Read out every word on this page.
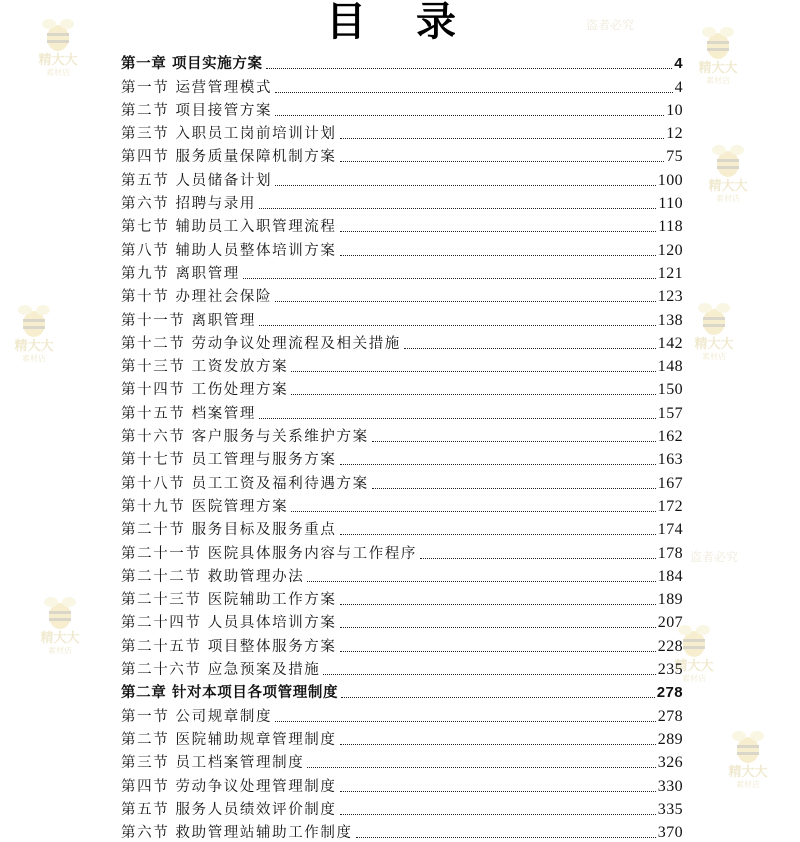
精大大
素材店	精大大
素材店
精大大
素材店
精大大
素材店
精大大
素材店
精大大
素材店
精大大
素材店
精大大
素材店
盗者必究
盗者必究
目 录
第一章 项目实施方案	4
第一节 运营管理模式	4
第二节 项目接管方案	10
第三节 入职员工岗前培训计划	12
第四节 服务质量保障机制方案	75
第五节 人员储备计划	100
第六节 招聘与录用	110
第七节 辅助员工入职管理流程	118
第八节 辅助人员整体培训方案	120
第九节 离职管理	121
第十节 办理社会保险	123
第十一节 离职管理	138
第十二节 劳动争议处理流程及相关措施	142
第十三节 工资发放方案	148
第十四节 工伤处理方案	150
第十五节 档案管理	157
第十六节 客户服务与关系维护方案	162
第十七节 员工管理与服务方案	163
第十八节 员工工资及福利待遇方案	167
第十九节 医院管理方案	172
第二十节 服务目标及服务重点	174
第二十一节 医院具体服务内容与工作程序	178
第二十二节 救助管理办法	184
第二十三节 医院辅助工作方案	189
第二十四节 人员具体培训方案	207
第二十五节 项目整体服务方案	228
第二十六节 应急预案及措施	235
第二章 针对本项目各项管理制度	278
第一节 公司规章制度	278
第二节 医院辅助规章管理制度	289
第三节 员工档案管理制度	326
第四节 劳动争议处理管理制度	330
第五节 服务人员绩效评价制度	335
第六节 救助管理站辅助工作制度	370
